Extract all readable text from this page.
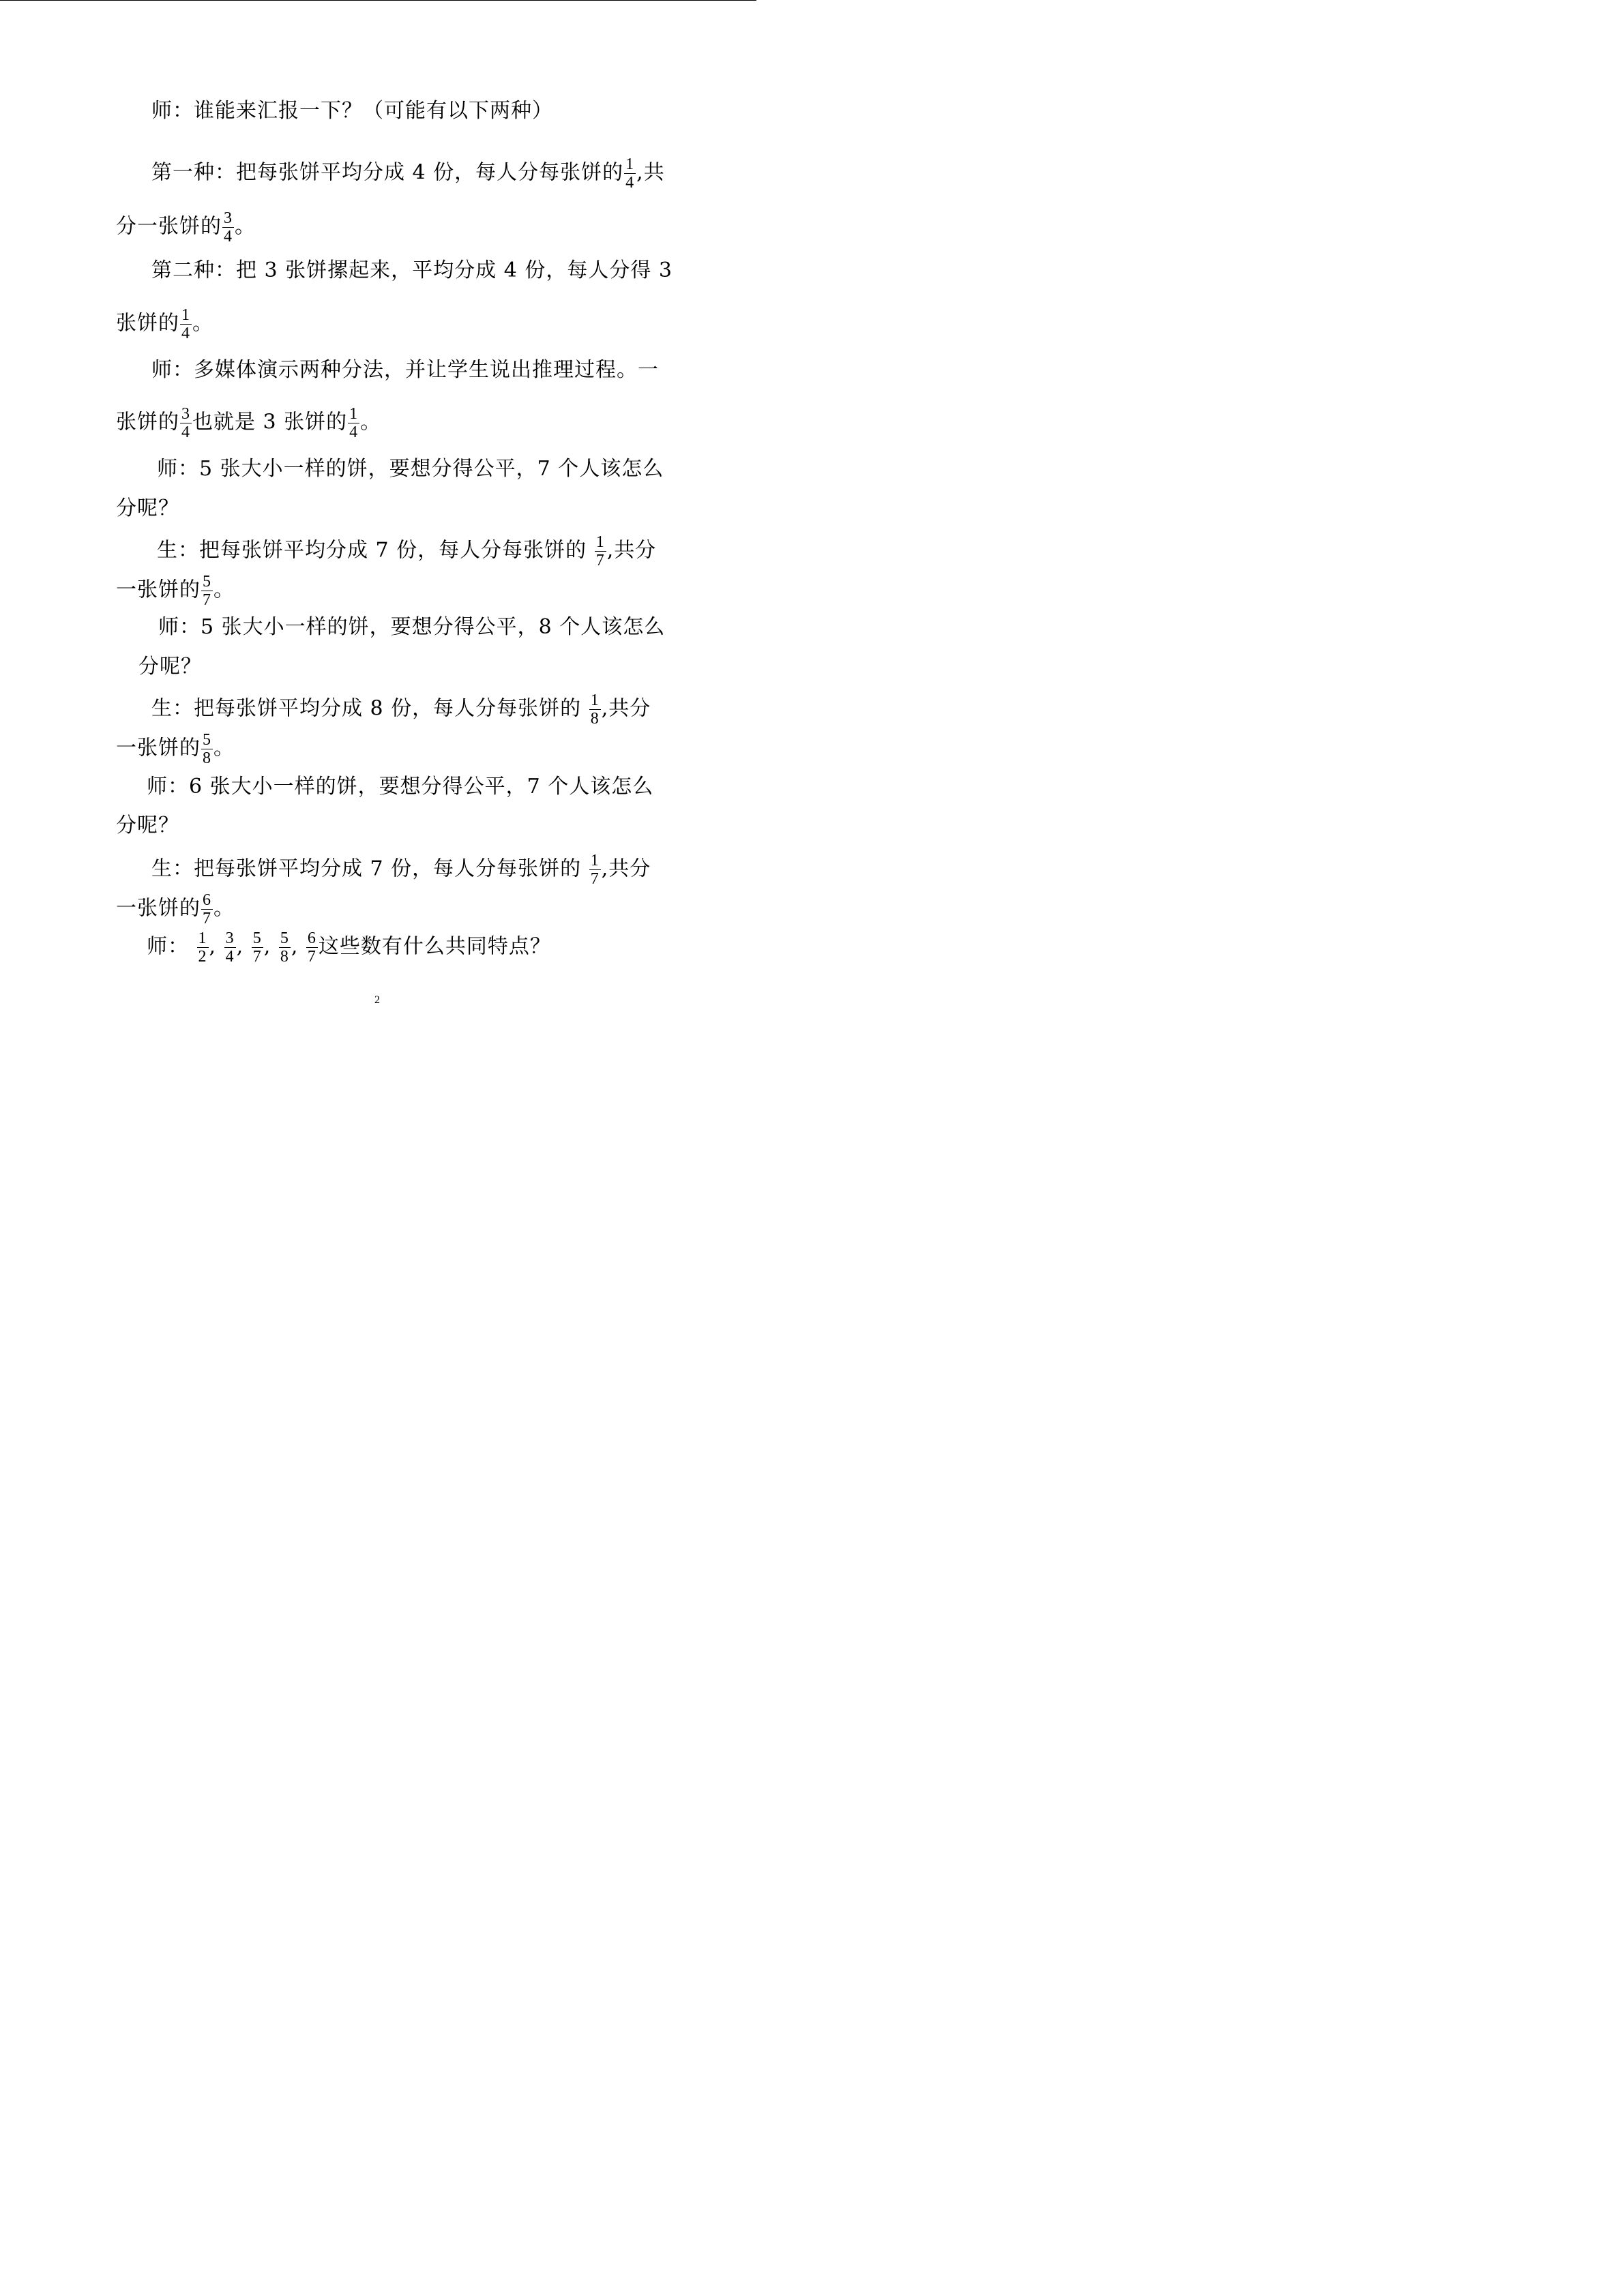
师：谁能来汇报一下？（可能有以下两种）
第一种：把每张饼平均分成 4 份，每人分每张饼的 $\frac{1}{4}$ ,共
分一张饼的 $\frac{3}{4}$ 。
第二种：把 3 张饼摞起来，平均分成 4 份，每人分得 3
张饼的 $\frac{1}{4}$ 。
师：多媒体演示两种分法，并让学生说出推理过程。一
张饼的 $\frac{3}{4}$ 也就是 3 张饼的 $\frac{1}{4}$ 。
师：5 张大小一样的饼，要想分得公平，7 个人该怎么
分呢？
生：把每张饼平均分成 7 份，每人分每张饼的 $\frac{1}{7}$ ,共分
一张饼的 $\frac{5}{7}$ 。
师：5 张大小一样的饼，要想分得公平，8 个人该怎么
分呢？
生：把每张饼平均分成 8 份，每人分每张饼的 $\frac{1}{8}$ ,共分
一张饼的 $\frac{5}{8}$ 。
师：6 张大小一样的饼，要想分得公平，7 个人该怎么
分呢？
生：把每张饼平均分成 7 份，每人分每张饼的 $\frac{1}{7}$ ,共分
一张饼的 $\frac{6}{7}$ 。
师： $\frac{1}{2}$ , $\frac{3}{4}$ , $\frac{5}{7}$ , $\frac{5}{8}$ , $\frac{6}{7}$ 这些数有什么共同特点？
2
